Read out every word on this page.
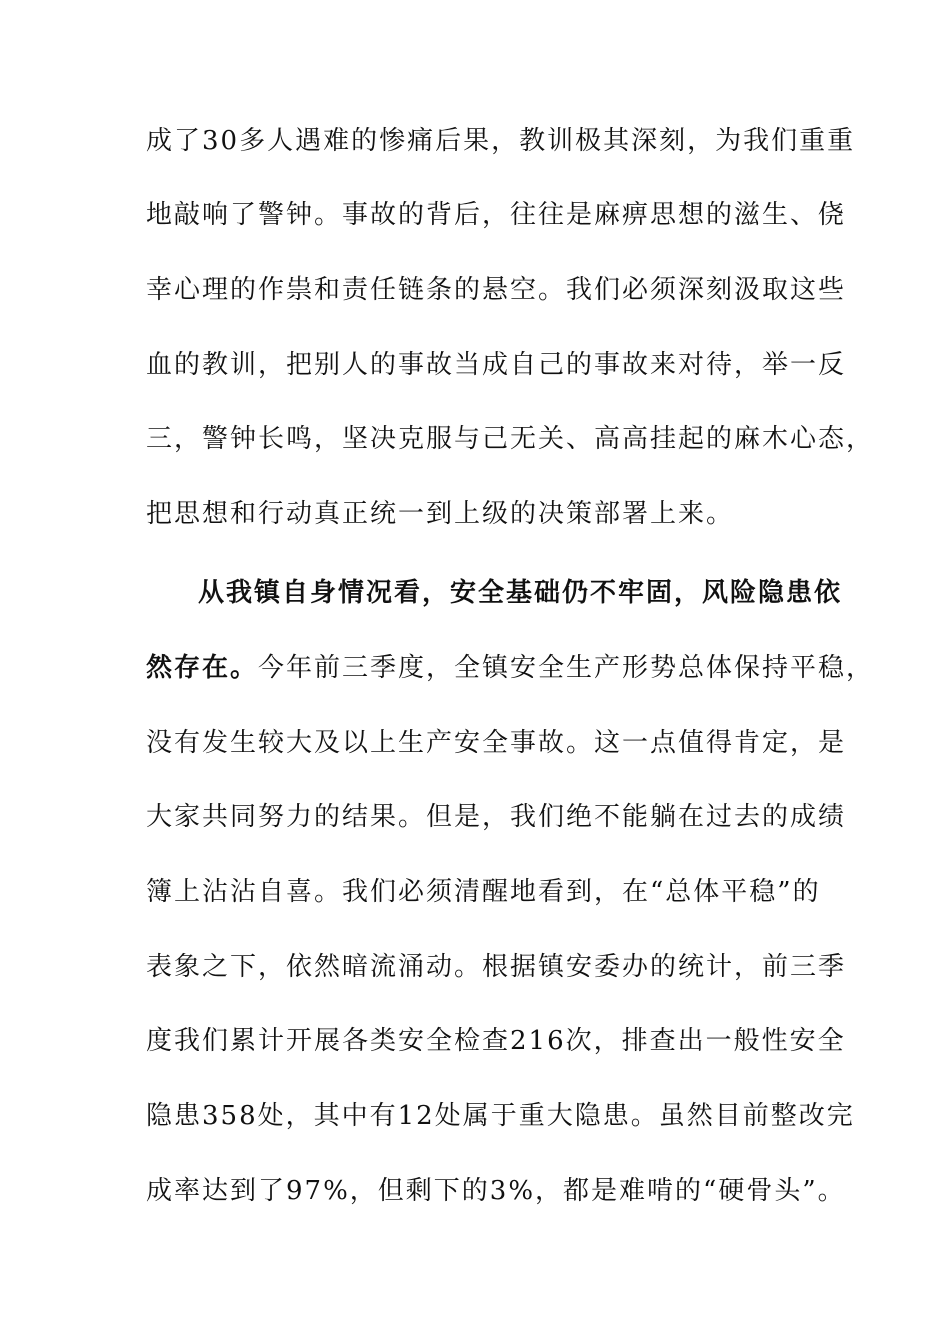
成了30多人遇难的惨痛后果，教训极其深刻，为我们重重
地敲响了警钟。事故的背后，往往是麻痹思想的滋生、侥
幸心理的作祟和责任链条的悬空。我们必须深刻汲取这些
血的教训，把别人的事故当成自己的事故来对待，举一反
三，警钟长鸣，坚决克服与己无关、高高挂起的麻木心态，
把思想和行动真正统一到上级的决策部署上来。
从我镇自身情况看，安全基础仍不牢固，风险隐患依
然存在。今年前三季度，全镇安全生产形势总体保持平稳，
没有发生较大及以上生产安全事故。这一点值得肯定，是
大家共同努力的结果。但是，我们绝不能躺在过去的成绩
簿上沾沾自喜。我们必须清醒地看到，在“总体平稳”的
表象之下，依然暗流涌动。根据镇安委办的统计，前三季
度我们累计开展各类安全检查216次，排查出一般性安全
隐患358处，其中有12处属于重大隐患。虽然目前整改完
成率达到了97%，但剩下的3%，都是难啃的“硬骨头”。
